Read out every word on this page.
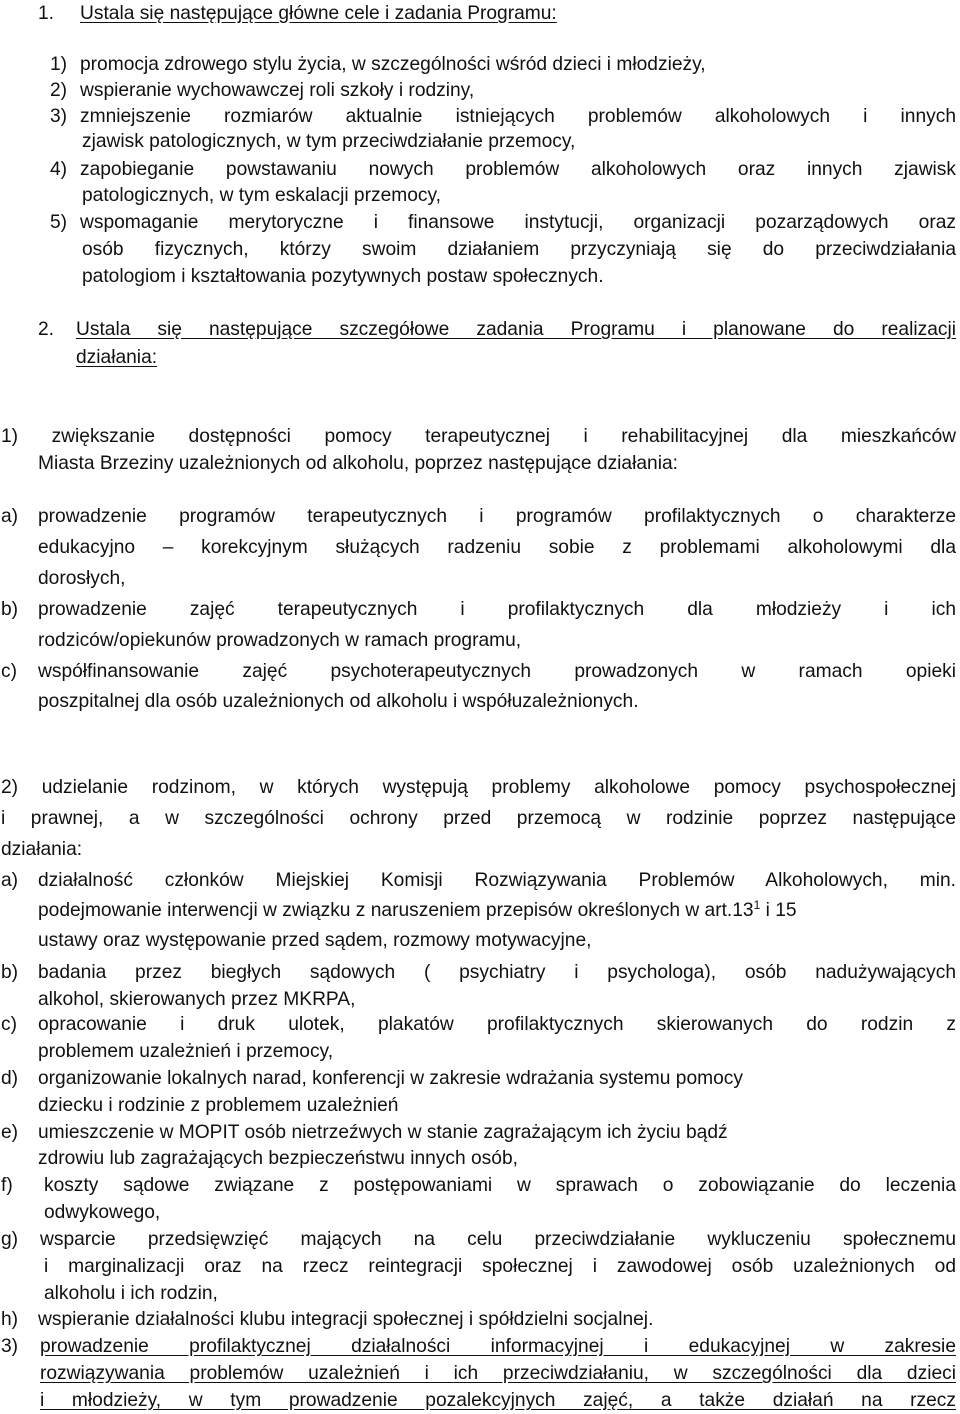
1. Ustala się następujące główne cele i zadania Programu:
1) promocja zdrowego stylu życia, w szczególności wśród dzieci i młodzieży,
2) wspieranie wychowawczej roli szkoły i rodziny,
3) zmniejszenie rozmiarów aktualnie istniejących problemów alkoholowych i innych
zjawisk patologicznych, w tym przeciwdziałanie przemocy,
4) zapobieganie powstawaniu nowych problemów alkoholowych oraz innych zjawisk
patologicznych, w tym eskalacji przemocy,
5) wspomaganie merytoryczne i finansowe instytucji, organizacji pozarządowych oraz
osób fizycznych, którzy swoim działaniem przyczyniają się do przeciwdziałania
patologiom i kształtowania pozytywnych postaw społecznych.
2. Ustala się następujące szczegółowe zadania Programu i planowane do realizacji
działania:
1) zwiększanie dostępności pomocy terapeutycznej i rehabilitacyjnej dla mieszkańców
Miasta Brzeziny uzależnionych od alkoholu, poprzez następujące działania:
a) prowadzenie programów terapeutycznych i programów profilaktycznych o charakterze
edukacyjno – korekcyjnym służących radzeniu sobie z problemami alkoholowymi dla
dorosłych,
b) prowadzenie zajęć terapeutycznych i profilaktycznych dla młodzieży i ich
rodziców/opiekunów prowadzonych w ramach programu,
c) współfinansowanie zajęć psychoterapeutycznych prowadzonych w ramach opieki
poszpitalnej dla osób uzależnionych od alkoholu i współuzależnionych.
2) udzielanie rodzinom, w których występują problemy alkoholowe pomocy psychospołecznej
i prawnej, a w szczególności ochrony przed przemocą w rodzinie poprzez następujące
działania:
a) działalność członków Miejskiej Komisji Rozwiązywania Problemów Alkoholowych, min.
podejmowanie interwencji w związku z naruszeniem przepisów określonych w $art.13^1$ i 15
ustawy oraz występowanie przed sądem, rozmowy motywacyjne,
b) badania przez biegłych sądowych ( psychiatry i psychologa), osób nadużywających
alkohol, skierowanych przez MKRPA,
c) opracowanie i druk ulotek, plakatów profilaktycznych skierowanych do rodzin z
problemem uzależnień i przemocy,
d) organizowanie lokalnych narad, konferencji w zakresie wdrażania systemu pomocy
dziecku i rodzinie z problemem uzależnień
e) umieszczenie w MOPIT osób nietrzeźwych w stanie zagrażającym ich życiu bądź
zdrowiu lub zagrażających bezpieczeństwu innych osób,
f) koszty sądowe związane z postępowaniami w sprawach o zobowiązanie do leczenia
odwykowego,
g) wsparcie przedsięwzięć mających na celu przeciwdziałanie wykluczeniu społecznemu
i marginalizacji oraz na rzecz reintegracji społecznej i zawodowej osób uzależnionych od
alkoholu i ich rodzin,
h) wspieranie działalności klubu integracji społecznej i spółdzielni socjalnej.
3) prowadzenie profilaktycznej działalności informacyjnej i edukacyjnej w zakresie
rozwiązywania problemów uzależnień i ich przeciwdziałaniu, w szczególności dla dzieci
i młodzieży, w tym prowadzenie pozalekcyjnych zajęć, a także działań na rzecz
